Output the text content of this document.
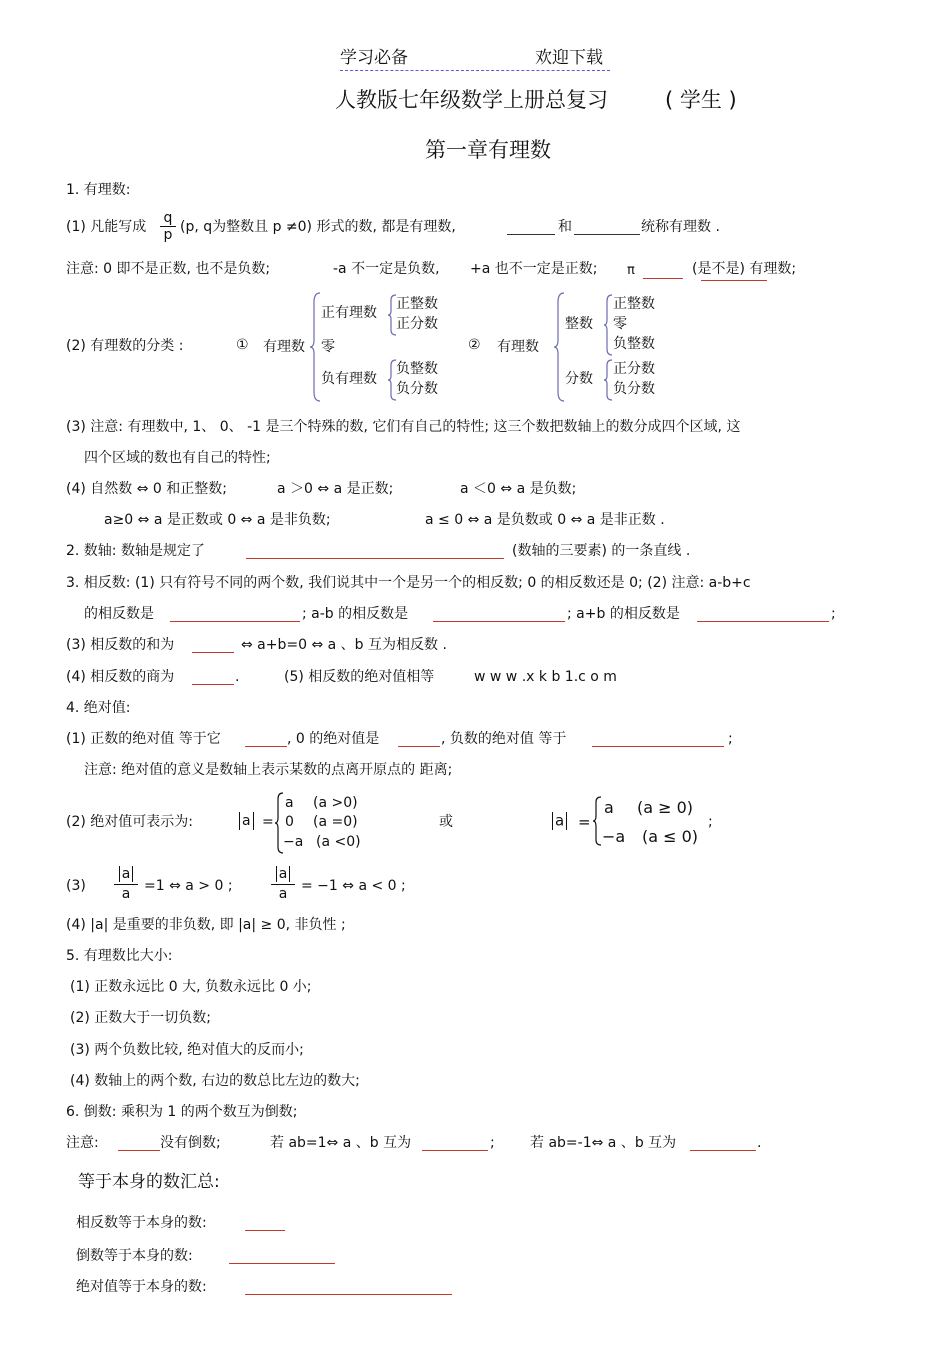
学习必备	欢迎下载
人教版七年级数学上册总复习	( 学生 )
第一章有理数
1. 有理数:
(1) 凡能写成 $\frac{q}{p} (p$, q为整数且 p ≠0) 形式的数, 都是有理数,	和	统称有理数 .
注意: 0 即不是正数, 也不是负数;	-a 不一定是负数, +a 也不一定是正数; π	(是不是) 有理数;
(2) 有理数的分类 :	① 有理数
正有理数
正整数
正分数
零
负有理数
负整数
负分数
② 有理数
整数
正整数
零
负整数
分数
正分数
负分数
(3) 注意: 有理数中, 1、 0、 -1 是三个特殊的数, 它们有自己的特性; 这三个数把数轴上的数分成四个区域, 这
四个区域的数也有自己的特性;
(4) 自然数 ⇔ 0 和正整数;	a ＞0 ⇔ a 是正数;	a ＜0 ⇔ a 是负数;
a≥0 ⇔ a 是正数或 0 ⇔ a 是非负数;	a ≤ 0 ⇔ a 是负数或 0 ⇔ a 是非正数 .
2. 数轴: 数轴是规定了	(数轴的三要素) 的一条直线 .
3. 相反数: (1) 只有符号不同的两个数, 我们说其中一个是另一个的相反数; 0 的相反数还是 0; (2) 注意: a-b+c
的相反数是	; a-b 的相反数是	; a+b 的相反数是	;
(3) 相反数的和为	⇔ a+b=0 ⇔ a 、b 互为相反数 .
(4) 相反数的商为	.	(5) 相反数的绝对值相等	w w w .x k b 1.c o m
4. 绝对值:
(1) 正数的绝对值 等于它	, 0 的绝对值是	, 负数的绝对值 等于	;
注意: 绝对值的意义是数轴上表示某数的点离开原点的 距离;
(2) 绝对值可表示为:	a =
a (a >0)
0 (a =0)
−a (a <0)
或	a =
a (a ≥ 0)
−a (a ≤ 0)
;
$(3) \frac{a}{a} =1$ ⇔ a > 0 ;	$\frac{a}{a} = -1$ ⇔ a < 0 ;
(4) |a| 是重要的非负数, 即 |a| ≥ 0, 非负性 ;
5. 有理数比大小:
(1) 正数永远比 0 大, 负数永远比 0 小;
(2) 正数大于一切负数;
(3) 两个负数比较, 绝对值大的反而小;
(4) 数轴上的两个数, 右边的数总比左边的数大;
6. 倒数: 乘积为 1 的两个数互为倒数;
注意:	没有倒数;	若 ab=1⇔ a 、b 互为	;	若 ab=-1⇔ a 、b 互为	.
等于本身的数汇总:
相反数等于本身的数:
倒数等于本身的数:
绝对值等于本身的数:
